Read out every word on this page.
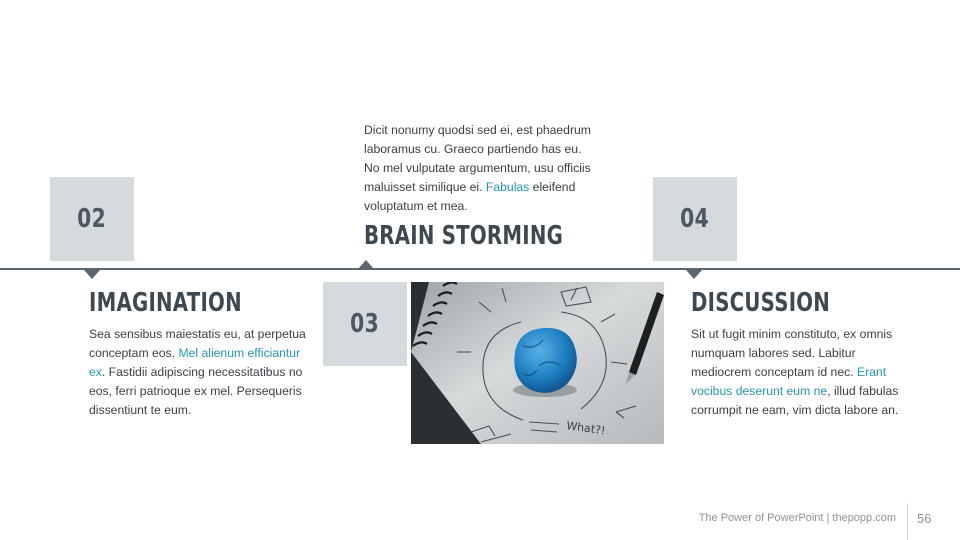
02
IMAGINATION
Sea sensibus maiestatis eu, at perpetua conceptam eos. Mel alienum efficiantur ex. Fastidii adipiscing necessitatibus no eos, ferri patrioque ex mel. Persequeris dissentiunt te eum.
Dicit nonumy quodsi sed ei, est phaedrum laboramus cu. Graeco partiendo has eu. No mel vulputate argumentum, usu officiis maluisset similique ei. Fabulas eleifend voluptatum et mea.
BRAIN STORMING
03
What?!
04
DISCUSSION
Sit ut fugit minim constituto, ex omnis numquam labores sed. Labitur mediocrem conceptam id nec. Erant vocibus deserunt eum ne, illud fabulas corrumpit ne eam, vim dicta labore an.
The Power of PowerPoint | thepopp.com 56
